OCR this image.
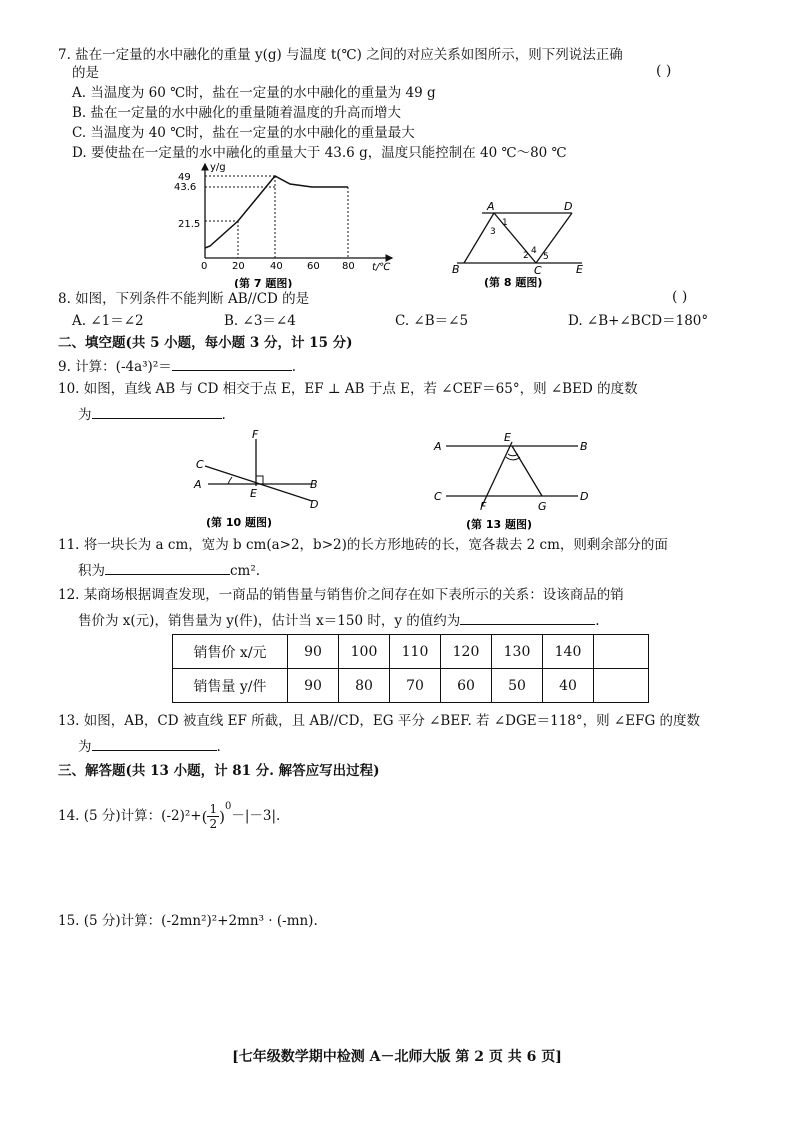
7. 盐在一定量的水中融化的重量 y(g) 与温度 t(℃) 之间的对应关系如图所示，则下列说法正确
的是	( )
A. 当温度为 60 ℃时，盐在一定量的水中融化的重量为 49 g
B. 盐在一定量的水中融化的重量随着温度的升高而增大
C. 当温度为 40 ℃时，盐在一定量的水中融化的重量最大
D. 要使盐在一定量的水中融化的重量大于 43.6 g，温度只能控制在 40 ℃～80 ℃
y/g
t/℃
49
43.6
21.5
0 20	40 60 80
(第 7 题图)
A	D
B	C	E
1
2
3
4
5
(第 8 题图)
8. 如图，下列条件不能判断 AB//CD 的是	( )
A. ∠1＝∠2	B. ∠3＝∠4	C. ∠B＝∠5	D. ∠B+∠BCD＝180°
二、填空题(共 5 小题，每小题 3 分，计 15 分)
9. 计算：(-4a³)²＝	.
10. 如图，直线 AB 与 CD 相交于点 E，EF ⊥ AB 于点 E，若 ∠CEF＝65°，则 ∠BED 的度数
为	.
F
C
A
E
B
D
(第 10 题图)
A
E
B
C
F	G
D
(第 13 题图)
11. 将一块长为 a cm，宽为 b cm(a>2，b>2)的长方形地砖的长，宽各裁去 2 cm，则剩余部分的面
积为	cm².
12. 某商场根据调查发现，一商品的销售量与销售价之间存在如下表所示的关系：设该商品的销
售价为 x(元)，销售量为 y(件)，估计当 x＝150 时，y 的值约为	.
销售价 x/元	90	100	110	120	130	140	
销售量 y/件	90	80	70	60	50	40	
13. 如图，AB，CD 被直线 EF 所截，且 AB//CD，EG 平分 ∠BEF. 若 ∠DGE＝118°，则 ∠EFG 的度数
为	.
三、解答题(共 13 小题，计 81 分. 解答应写出过程)
14. (5 分)计算：$(-2)^2+( \frac{1}{2} )^0-|-3|$.
15. (5 分)计算：(-2mn²)²+2mn³ · (-mn).
[七年级数学期中检测 A－北师大版 第 2 页 共 6 页]
